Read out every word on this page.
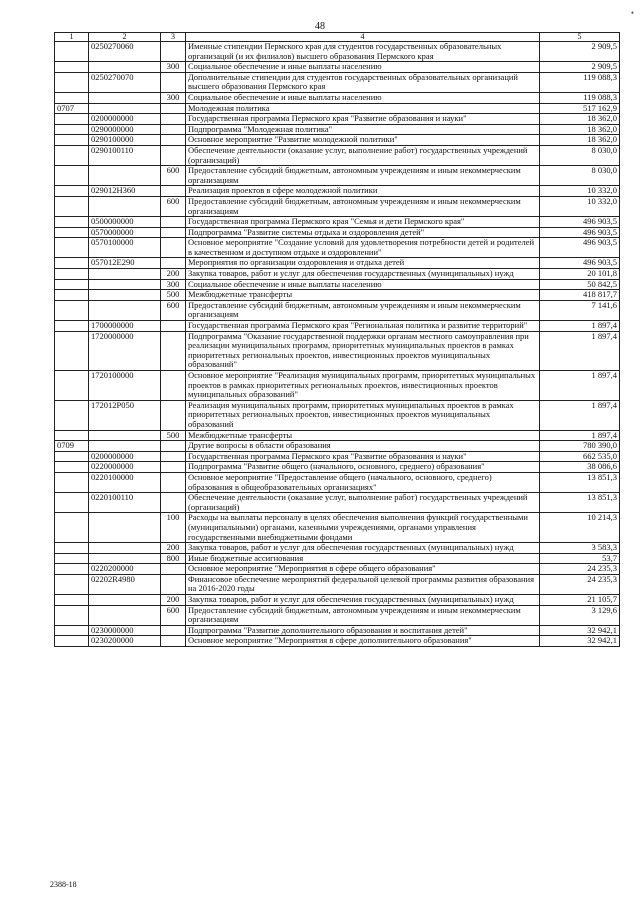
48
•
1	2	3	4	5
	0250270060		Именные стипендии Пермского края для студентов государственных образовательных организаций (и их филиалов) высшего образования Пермского края	2 909,5
		300	Социальное обеспечение и иные выплаты населению	2 909,5
	0250270070		Дополнительные стипендии для студентов государственных образовательных организаций высшего образования Пермского края	119 088,3
		300	Социальное обеспечение и иные выплаты населению	119 088,3
0707			Молодежная политика	517 162,9
	0200000000		Государственная программа Пермского края "Развитие образования и науки"	18 362,0
	0290000000		Подпрограмма "Молодежная политика"	18 362,0
	0290100000		Основное мероприятие "Развитие молодежной политики"	18 362,0
	0290100110		Обеспечение деятельности (оказание услуг, выполнение работ) государственных учреждений (организаций)	8 030,0
		600	Предоставление субсидий бюджетным, автономным учреждениям и иным некоммерческим организациям	8 030,0
	029012Н360		Реализация проектов в сфере молодежной политики	10 332,0
		600	Предоставление субсидий бюджетным, автономным учреждениям и иным некоммерческим организациям	10 332,0
	0500000000		Государственная программа Пермского края "Семья и дети Пермского края"	496 903,5
	0570000000		Подпрограмма "Развитие системы отдыха и оздоровления детей"	496 903,5
	0570100000		Основное мероприятие "Создание условий для удовлетворения потребности детей и родителей в качественном и доступном отдыхе и оздоровлении"	496 903,5
	057012Е290		Мероприятия по организации оздоровления и отдыха детей	496 903,5
		200	Закупка товаров, работ и услуг для обеспечения государственных (муниципальных) нужд	20 101,8
		300	Социальное обеспечение и иные выплаты населению	50 842,5
		500	Межбюджетные трансферты	418 817,7
		600	Предоставление субсидий бюджетным, автономным учреждениям и иным некоммерческим организациям	7 141,6
	1700000000		Государственная программа Пермского края "Региональная политика и развитие территорий"	1 897,4
	1720000000		Подпрограмма "Оказание государственной поддержки органам местного самоуправления при реализации муниципальных программ, приоритетных муниципальных проектов в рамках приоритетных региональных проектов, инвестиционных проектов муниципальных образований"	1 897,4
	1720100000		Основное мероприятие "Реализация муниципальных программ, приоритетных муниципальных проектов в рамках приоритетных региональных проектов, инвестиционных проектов муниципальных образований"	1 897,4
	172012Р050		Реализация муниципальных программ, приоритетных муниципальных проектов в рамках приоритетных региональных проектов, инвестиционных проектов муниципальных образований	1 897,4
		500	Межбюджетные трансферты	1 897,4
0709			Другие вопросы в области образования	780 390,0
	0200000000		Государственная программа Пермского края "Развитие образования и науки"	662 535,0
	0220000000		Подпрограмма "Развитие общего (начального, основного, среднего) образования"	38 086,6
	0220100000		Основное мероприятие "Предоставление общего (начального, основного, среднего) образования в общеобразовательных организациях"	13 851,3
	0220100110		Обеспечение деятельности (оказание услуг, выполнение работ) государственных учреждений (организаций)	13 851,3
		100	Расходы на выплаты персоналу в целях обеспечения выполнения функций государственными (муниципальными) органами, казенными учреждениями, органами управления государственными внебюджетными фондами	10 214,3
		200	Закупка товаров, работ и услуг для обеспечения государственных (муниципальных) нужд	3 583,3
		800	Иные бюджетные ассигнования	53,7
	0220200000		Основное мероприятие "Мероприятия в сфере общего образования"	24 235,3
	02202R4980		Финансовое обеспечение мероприятий федеральной целевой программы развития образования на 2016-2020 годы	24 235,3
		200	Закупка товаров, работ и услуг для обеспечения государственных (муниципальных) нужд	21 105,7
		600	Предоставление субсидий бюджетным, автономным учреждениям и иным некоммерческим организациям	3 129,6
	0230000000		Подпрограмма "Развитие дополнительного образования и воспитания детей"	32 942,1
	0230200000		Основное мероприятие "Мероприятия в сфере дополнительного образования"	32 942,1
2388-18
